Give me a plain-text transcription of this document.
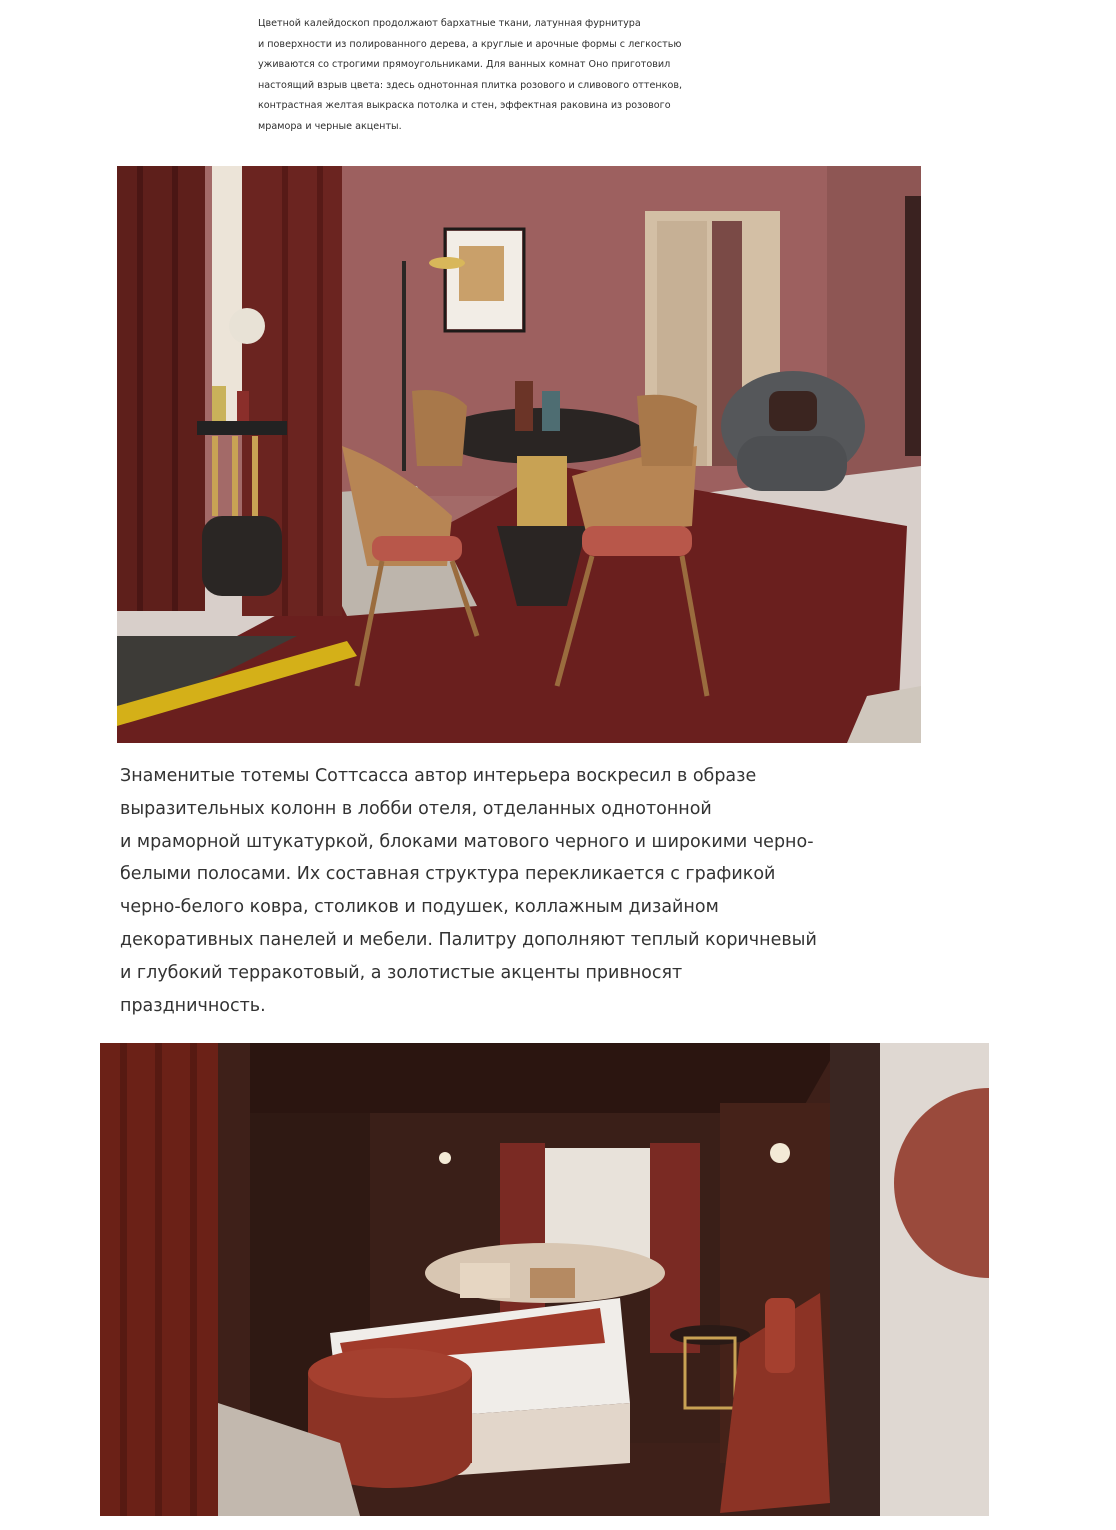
Цветной калейдоскоп продолжают бархатные ткани, латунная фурнитура
и поверхности из полированного дерева, а круглые и арочные формы с легкостью
уживаются со строгими прямоугольниками. Для ванных комнат Оно приготовил
настоящий взрыв цвета: здесь однотонная плитка розового и сливового оттенков,
контрастная желтая выкраска потолка и стен, эффектная раковина из розового
мрамора и черные акценты.
Знаменитые тотемы Соттсасса автор интерьера воскресил в образе
выразительных колонн в лобби отеля, отделанных однотонной
и мраморной штукатуркой, блоками матового черного и широкими черно-
белыми полосами. Их составная структура перекликается с графикой
черно-белого ковра, столиков и подушек, коллажным дизайном
декоративных панелей и мебели. Палитру дополняют теплый коричневый
и глубокий терракотовый, а золотистые акценты привносят
праздничность.
